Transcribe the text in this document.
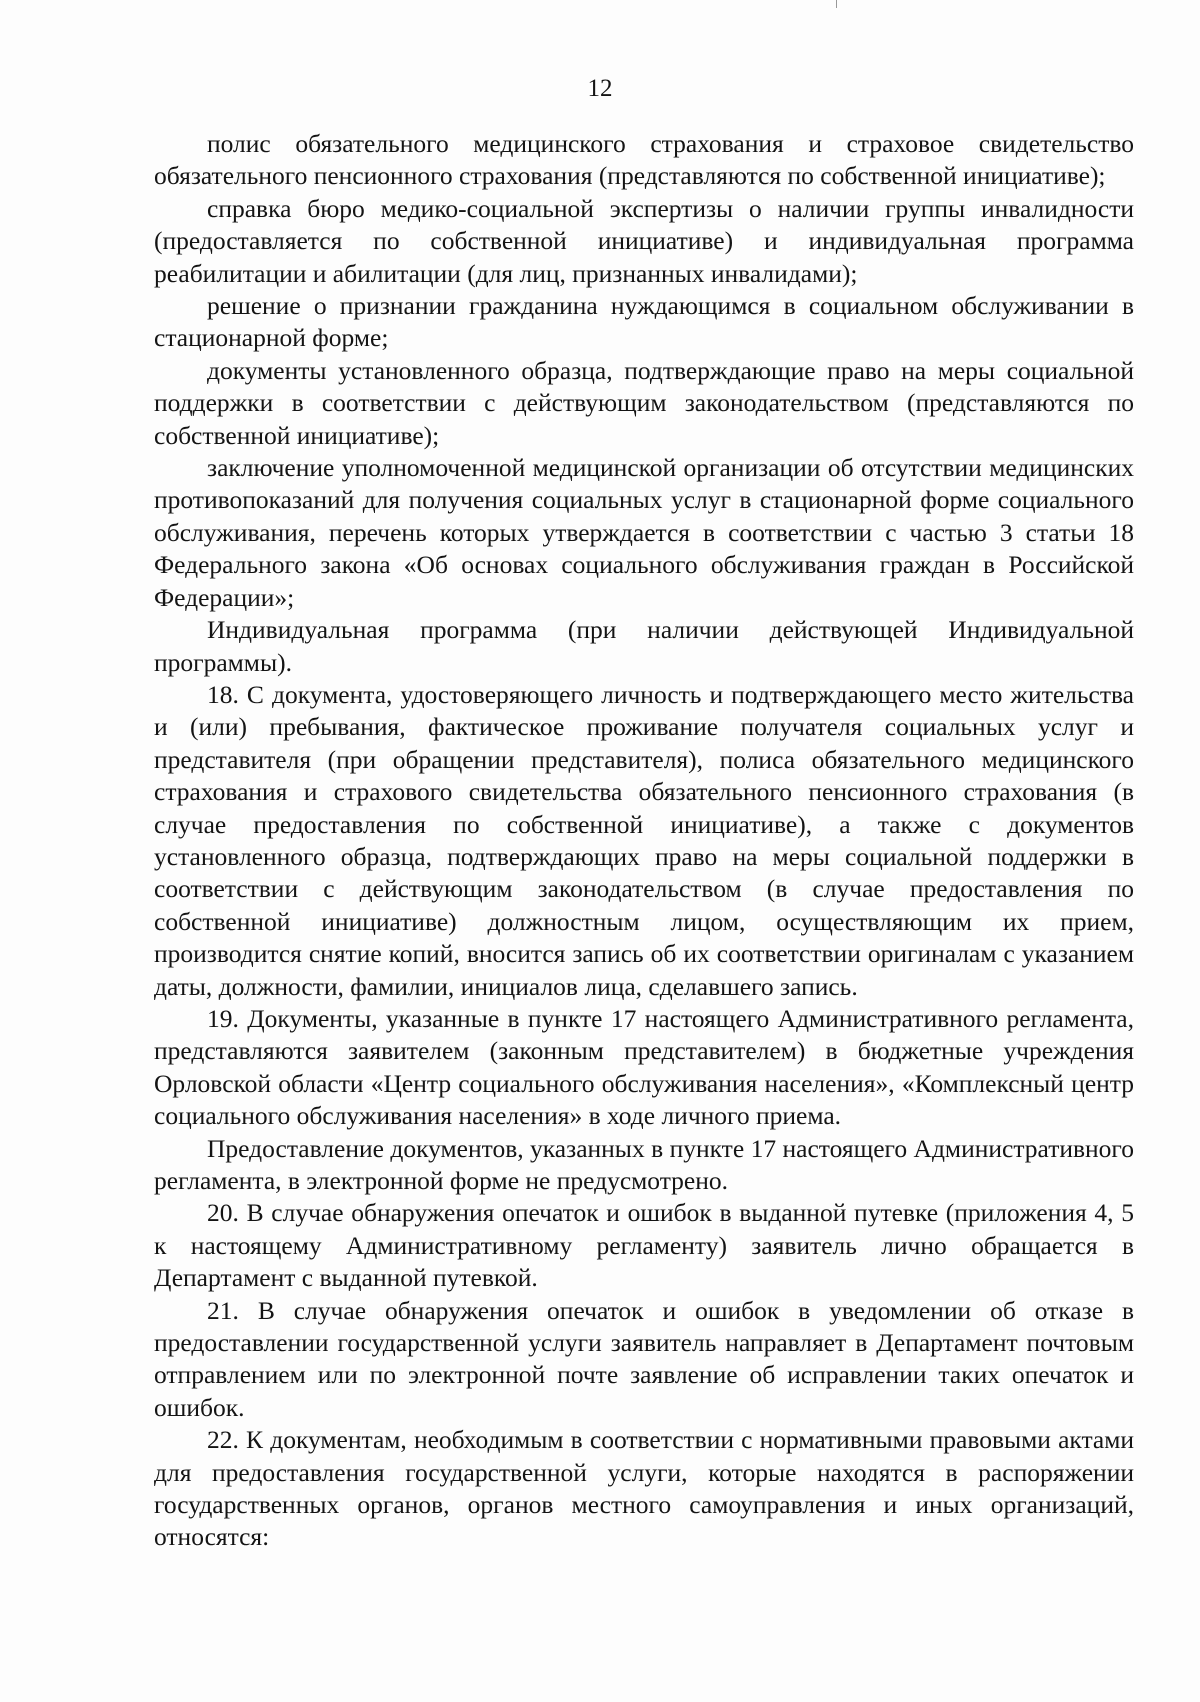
12

полис обязательного медицинского страхования и страховое свидетельство обязательного пенсионного страхования (представляются по собственной инициативе);

справка бюро медико-социальной экспертизы о наличии группы инвалидности (предоставляется по собственной инициативе) и индивидуальная программа реабилитации и абилитации (для лиц, признанных инвалидами);

решение о признании гражданина нуждающимся в социальном обслуживании в стационарной форме;

документы установленного образца, подтверждающие право на меры социальной поддержки в соответствии с действующим законодательством (представляются по собственной инициативе);

заключение уполномоченной медицинской организации об отсутствии медицинских противопоказаний для получения социальных услуг в стационарной форме социального обслуживания, перечень которых утверждается в соответствии с частью 3 статьи 18 Федерального закона «Об основах социального обслуживания граждан в Российской Федерации»;

Индивидуальная программа (при наличии действующей Индивидуальной программы).

18. С документа, удостоверяющего личность и подтверждающего место жительства и (или) пребывания, фактическое проживание получателя социальных услуг и представителя (при обращении представителя), полиса обязательного медицинского страхования и страхового свидетельства обязательного пенсионного страхования (в случае предоставления по собственной инициативе), а также с документов установленного образца, подтверждающих право на меры социальной поддержки в соответствии с действующим законодательством (в случае предоставления по собственной инициативе) должностным лицом, осуществляющим их прием, производится снятие копий, вносится запись об их соответствии оригиналам с указанием даты, должности, фамилии, инициалов лица, сделавшего запись.

19. Документы, указанные в пункте 17 настоящего Административного регламента, представляются заявителем (законным представителем) в бюджетные учреждения Орловской области «Центр социального обслуживания населения», «Комплексный центр социального обслуживания населения» в ходе личного приема.

Предоставление документов, указанных в пункте 17 настоящего Административного регламента, в электронной форме не предусмотрено.

20. В случае обнаружения опечаток и ошибок в выданной путевке (приложения 4, 5 к настоящему Административному регламенту) заявитель лично обращается в Департамент с выданной путевкой.

21. В случае обнаружения опечаток и ошибок в уведомлении об отказе в предоставлении государственной услуги заявитель направляет в Департамент почтовым отправлением или по электронной почте заявление об исправлении таких опечаток и ошибок.

22. К документам, необходимым в соответствии с нормативными правовыми актами для предоставления государственной услуги, которые находятся в распоряжении государственных органов, органов местного самоуправления и иных организаций, относятся:
